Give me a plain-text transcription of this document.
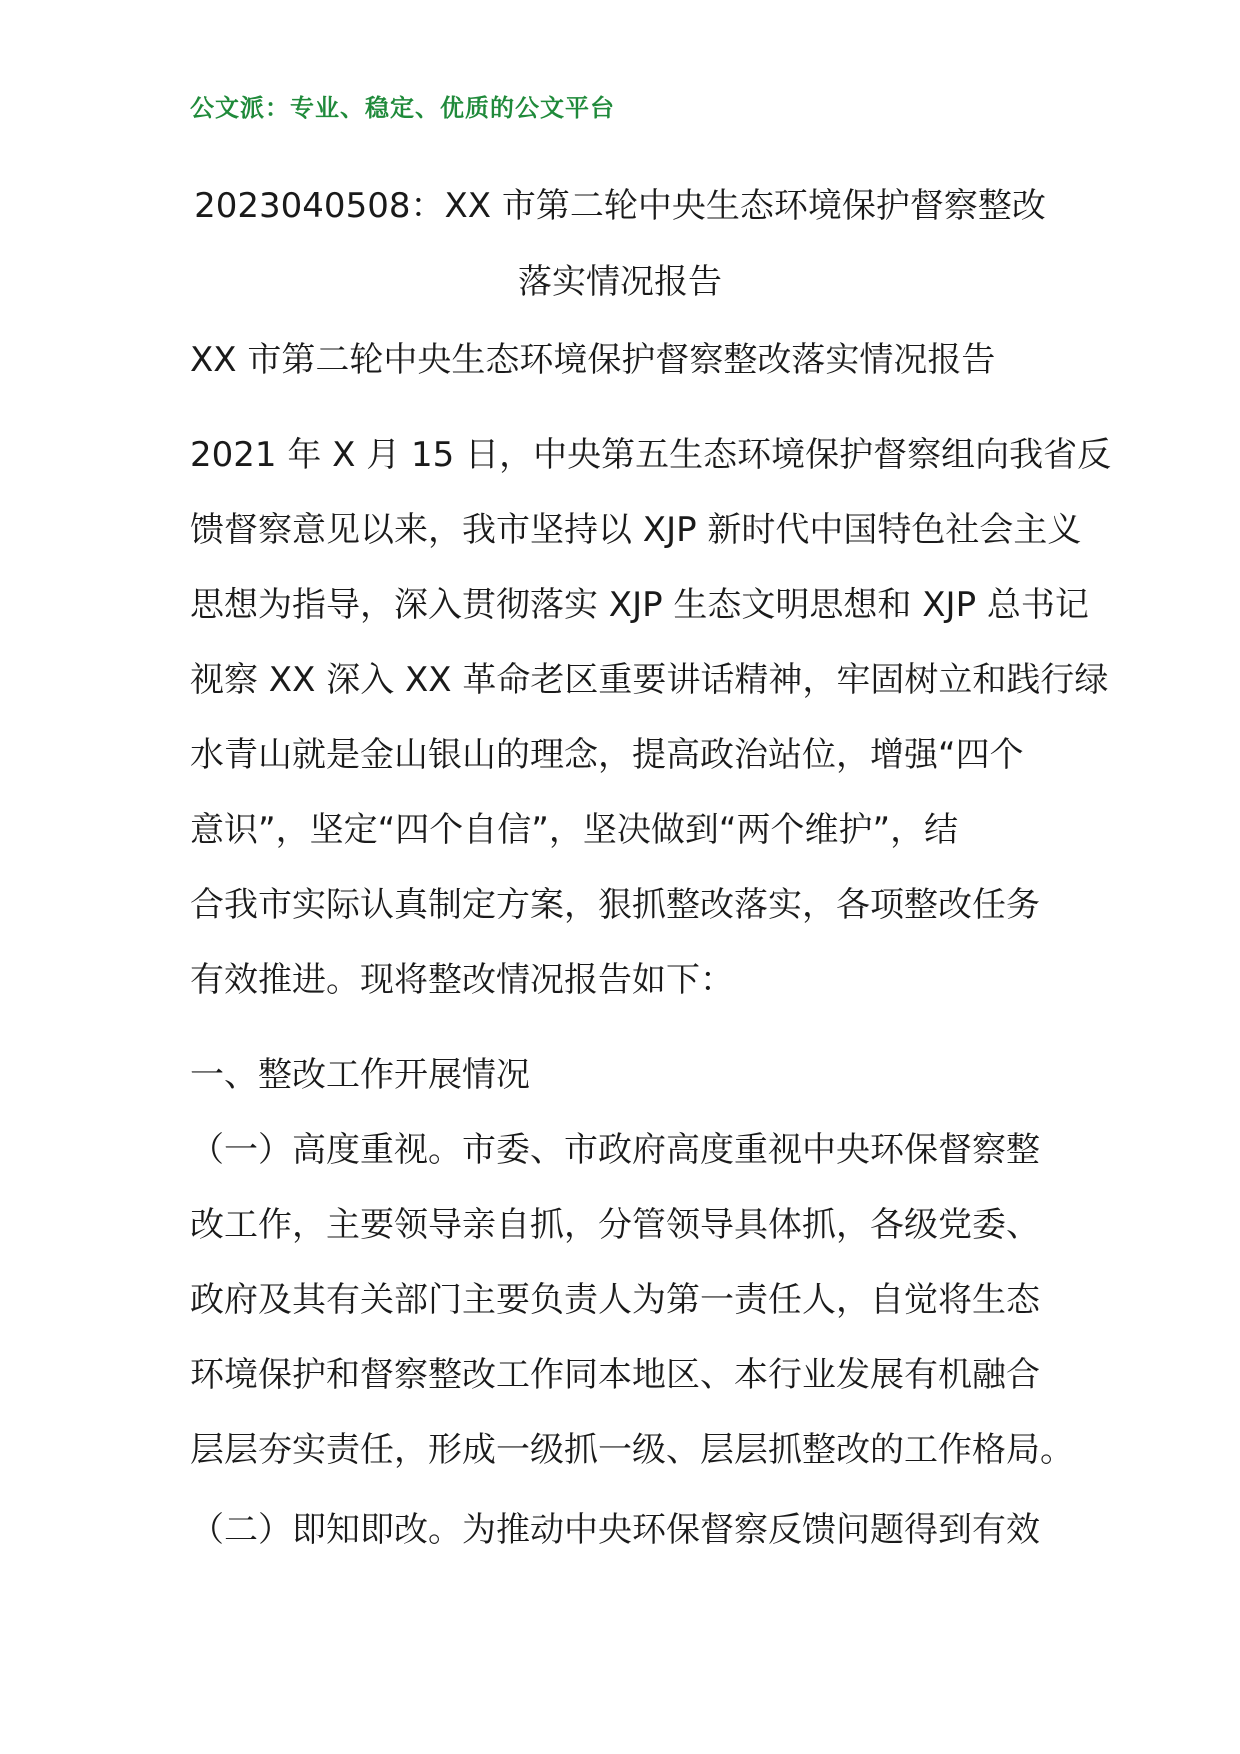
公文派：专业、稳定、优质的公文平台
2023040508：XX 市第二轮中央生态环境保护督察整改
落实情况报告
XX 市第二轮中央生态环境保护督察整改落实情况报告
2021 年 X 月 15 日，中央第五生态环境保护督察组向我省反
馈督察意见以来，我市坚持以 XJP 新时代中国特色社会主义
思想为指导，深入贯彻落实 XJP 生态文明思想和 XJP 总书记
视察 XX 深入 XX 革命老区重要讲话精神，牢固树立和践行绿
水青山就是金山银山的理念，提高政治站位，增强“四个
意识”，坚定“四个自信”，坚决做到“两个维护”，结
合我市实际认真制定方案，狠抓整改落实，各项整改任务
有效推进。现将整改情况报告如下：
一、整改工作开展情况
（一）高度重视。市委、市政府高度重视中央环保督察整
改工作，主要领导亲自抓，分管领导具体抓，各级党委、
政府及其有关部门主要负责人为第一责任人，自觉将生态
环境保护和督察整改工作同本地区、本行业发展有机融合
层层夯实责任，形成一级抓一级、层层抓整改的工作格局。
（二）即知即改。为推动中央环保督察反馈问题得到有效
